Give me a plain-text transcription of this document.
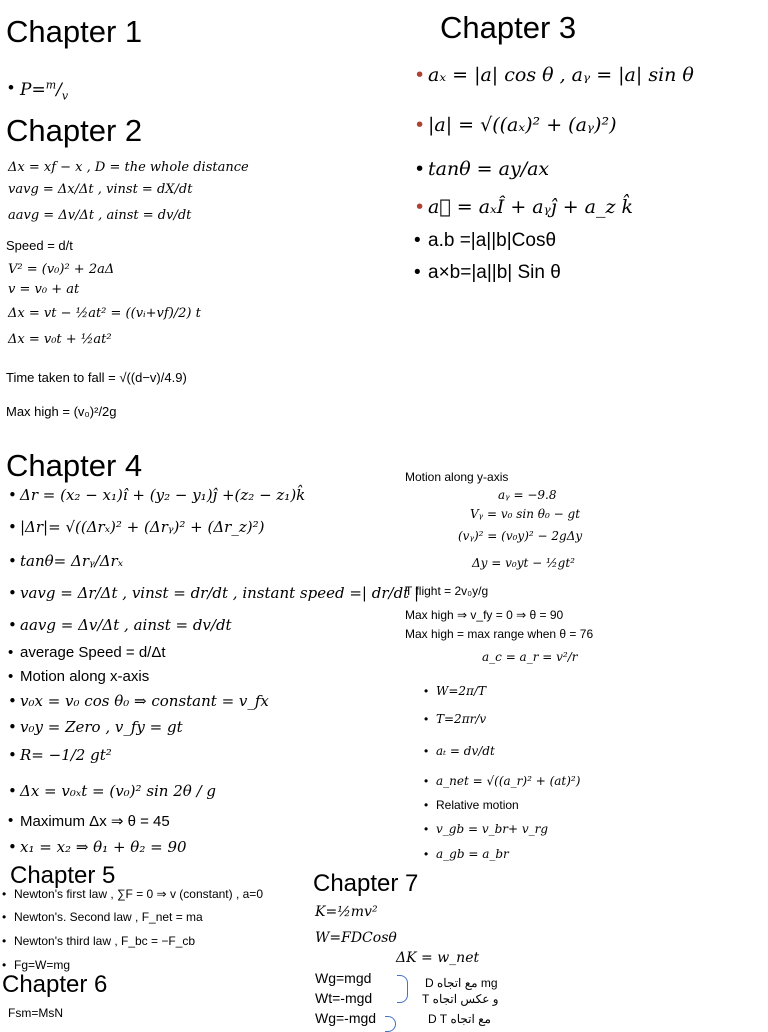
Chapter 1
• $P=^m/_v$
Chapter 2
Δx = xf − x , D = the whole distance
vavg = Δx/Δt , vinst = dX/dt
aavg = Δv/Δt , ainst = dv/dt
Speed = d/t
V² = (v₀)² + 2aΔ
v = v₀ + at
Δx = vt − ½at² = ((vᵢ+vf)/2) t
Δx = v₀t + ½at²
Time taken to fall = √((d−v)/4.9)
Max high = (v₀)²/2g
Chapter 3
• aₓ = |a| cos θ , aᵧ = |a| sin θ
• |a| = √((aₓ)² + (aᵧ)²)
• tanθ = ay/ax
• a⃗ = aₓÎ + aᵧĵ + a_z k̂
• a.b =|a||b|Cosθ
• a×b=|a||b| Sin θ
Chapter 4
• Δr = (x₂ − x₁)î + (y₂ − y₁)ĵ +(z₂ − z₁)k̂
• |Δr|= √((Δrₓ)² + (Δrᵧ)² + (Δr_z)²)
• tanθ= Δrᵧ/Δrₓ
• vavg = Δr/Δt , vinst = dr/dt , instant speed =| dr/dt |
• aavg = Δv/Δt , ainst = dv/dt
• average Speed = d/Δt
• Motion along x-axis
• v₀x = v₀ cos θ₀ ⇒ constant = v_fx
• v₀y = Zero , v_fy = gt
• R= −1/2 gt²
• Δx = v₀ₓt = (v₀)² sin 2θ / g
• Maximum Δx ⇒ θ = 45
• x₁ = x₂ ⇒ θ₁ + θ₂ = 90
Motion along y-axis
aᵧ = −9.8
Vᵧ = v₀ sin θ₀ − gt
(vᵧ)² = (v₀y)² − 2gΔy
Δy = v₀yt − ½gt²
T flight = 2v₀y/g
Max high ⇒ v_fy = 0 ⇒ θ = 90
Max high = max range when θ = 76
a_c = a_r = v²/r
• W=2π/T
• T=2πr/v
• aₜ = dv/dt
• a_net = √((a_r)² + (at)²)
• Relative motion
• v_gb = v_br+ v_rg
• a_gb = a_br
Chapter 5
• Newton's first law , ∑F = 0 ⇒ v (constant) , a=0
• Newton's. Second law , F_net = ma
• Newton's third law , F_bc = −F_cb
• Fg=W=mg
Chapter 6
Fsm=MsN
Chapter 7
K=½mv²
W=FDCosθ
ΔK = w_net
Wg=mgd
Wt=-mgd
Wg=-mgd
mg مع اتجاه D
و عكس اتجاه T
مع اتجاه D T
